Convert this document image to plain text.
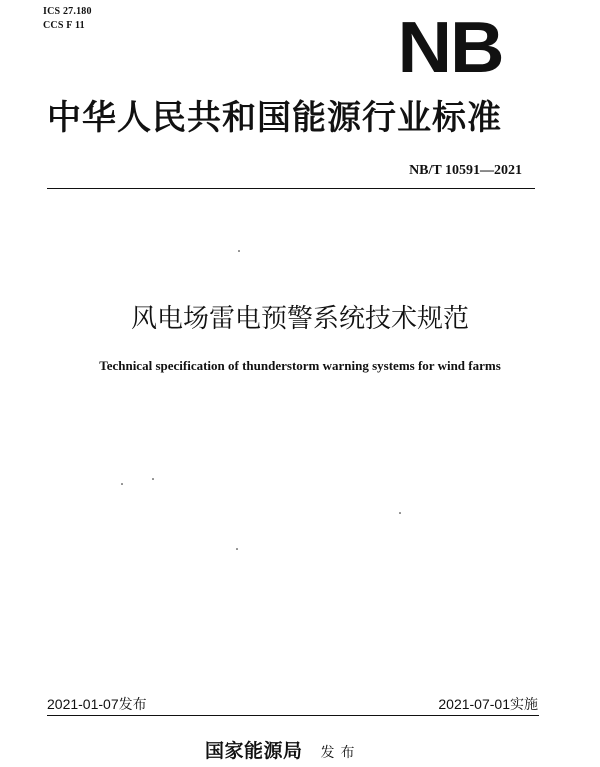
ICS 27.180
CCS F 11	NB
中华人民共和国能源行业标准
NB/T 10591—2021
风电场雷电预警系统技术规范
Technical specification of thunderstorm warning systems for wind farms
2021-01-07发布	2021-07-01实施
国家能源局 发布
